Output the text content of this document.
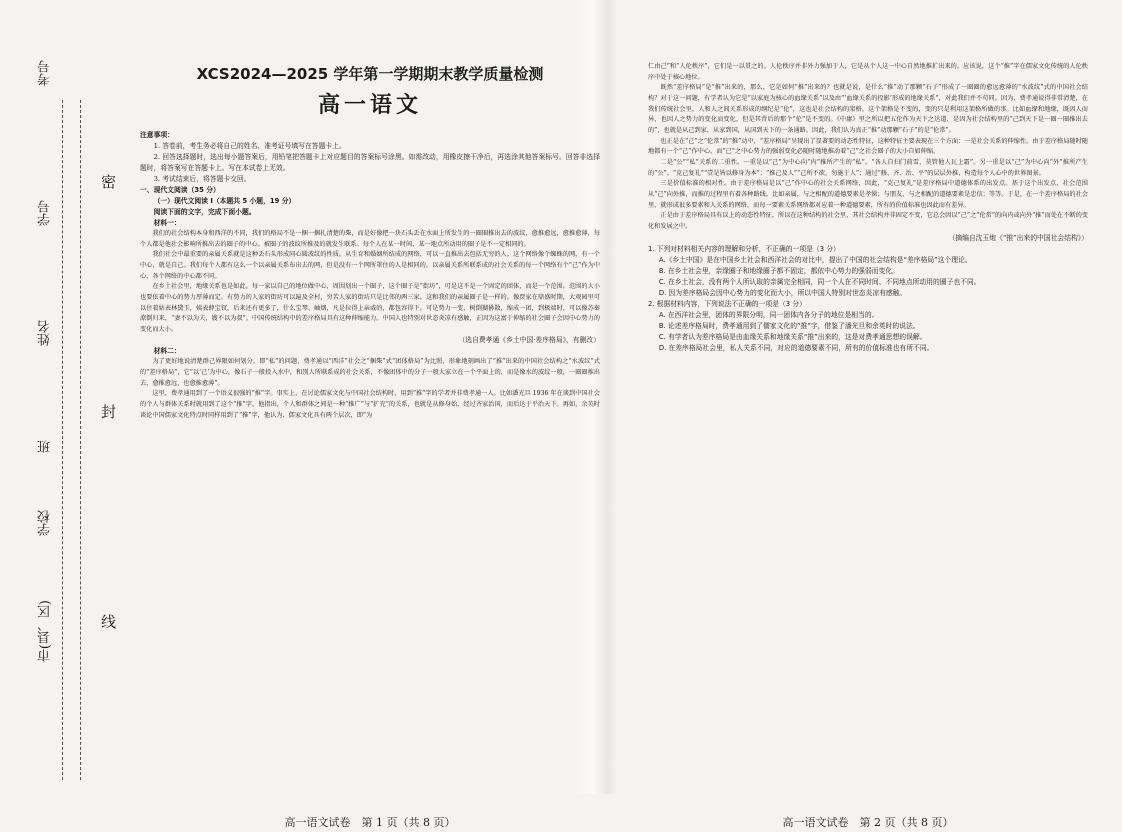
考号
学号
姓名
班
学校
市(县、区)
密
封
线
XCS2024—2025 学年第一学期期末教学质量检测
高一语文
注意事项：

1. 答卷前，考生务必将自己的姓名、准考证号填写在答题卡上。

2. 回答选择题时，选出每小题答案后，用铅笔把答题卡上对应题目的答案标号涂黑。如需改动，用橡皮擦干净后，再选涂其他答案标号。回答非选择题时，将答案写在答题卡上。写在本试卷上无效。

3. 考试结束后，将答题卡交回。

一、现代文阅读（35 分）
（一）现代文阅读 I（本题共 5 小题，19 分）
阅读下面的文字，完成下面小题。
材料一：

我们的社会结构本身和西洋的不同，我们的格局不是一捆一捆扎清楚的柴，而是好像把一块石头丢在水面上所发生的一圈圈推出去的波纹，愈推愈远，愈推愈薄，每个人都是他社会影响所推出去的圈子的中心。被圈子的波纹所推及的就发生联系。每个人在某一时间、某一地点所动用的圈子是不一定相同的。

我们社会中最重要的亲属关系就是这种丢石头形成同心圆波纹的性质。从生育和婚姻所结成的网络，可以一直推出去包括无穷的人。这个网络像个蜘蛛的网，有一个中心，就是自己。我们每个人都有这么一个以亲属关系布出去的网，但是没有一个网所罩住的人是相同的。以亲属关系所联系成的社会关系的每一个网络有个“己”作为中心，各个网络的中心都不同。

在乡土社会里，地缘关系也是如此。每一家以自己的地位做中心，周围划出一个圈子，这个圈子是“街坊”，可是这不是一个固定的团体，而是一个范围。范围的大小也要依着中心的势力厚薄而定。有势力的人家的街坊可以遍及全村，穷苦人家的街坊只是比邻的两三家。这和我们的亲属圈子是一样的。像贾家在鼎盛时期，大观园里可以住着姑表林黛玉，姨表薛宝钗，后来还有更多了，什么宝琴、岫烟，凡是拉得上亲戚的，都包容得下。可是势力一变，树倒猢狲散，缩成一团，到极端时，可以像苏秦潦倒归来，“妻不以为夫，嫂不以为叔”。中国传统结构中的差序格局具有这种伸缩能力。中国人也特别对世态炎凉有感触，正因为这富于伸缩的社会圈子会因中心势力的变化而大小。

（选自费孝通《乡土中国·差序格局》，有删改）

材料二：

为了更好地说清楚群己界限如何划分，即“私”的问题，费孝通以“西洋”社会之“捆柴”式“团体格局”为比照，形象地刻画出了“推”出来的中国社会结构之“水波纹”式的“差序格局”，它“以‘己’为中心，像石子一般投入水中，和别人所联系成的社会关系，不像团体中的分子一般大家立在一个平面上的，而是像水的波纹一般，一圈圈推出去，愈推愈远，也愈推愈薄”。

这里，费孝通用到了一个语义很强的“推”字。事实上，在讨论儒家文化与中国社会结构时，用到“推”字的学者并非费孝通一人。比如潘光旦 1936 年在谈到中国社会的个人与群体关系时就用到了这个“推”字，他指出，个人和群体之间是一种“推广”与“扩充”的关系，也就是从修身始，经过齐家治国，而后达于平治天下。再如，余英时谈论中国儒家文化特点时同样用到了“推”字，他认为，儒家文化具有两个层次，即“为

高一语文试卷　第 1 页（共 8 页）

仁由己”和“人伦秩序”，它们是一以贯之的。人伦秩序并非外力强加于人，它是从个人这一中心自然地推扩出来的。应该说，这个“推”字在儒家文化传统的人伦秩序中处于核心地位。

既然“差序格局”是“推”出来的，那么，它是如何“推”出来的？也就是说，是什么“推”动了那颗“石子”形成了一圈圈的愈远愈薄的“水波纹”式的中国社会结构？对于这一问题，有学者认为它是“以家庭为核心的血缘关系”以及由“‘血缘关系的投影’形成的地缘关系”，对此我们并不苟同。因为，费孝通说得非常清楚，在我们传统社会里，人和人之间关系形成的纲纪是“伦”，这也是社会结构的架格，这个架格是不变的，变的只是利用这架格所做的事。比如血缘和地缘，既因人而异，也因人之势力的变化而变化，但是其背后的那个“伦”是不变的。《中庸》里之所以把五伦作为天下之达道，是因为社会结构里的“己到天下是一圈一圈推出去的”，也就是从己到家，从家到国，从国到天下的一条通路。因此，我们认为真正“推”动那颗“石子”的是“伦常”。

也正是在“己”之“伦常”的“推”动中，“差序格局”呈现出了显著要的动态性特征，这种特征主要表现在三个方面：一是社会关系的伸缩性。由于差序格局随时随地都有一个“己”作中心，而“己”之中心势力的强弱变化必随时随地推动着“己”之社会圈子的大小自如伸缩。

二是“公”“私”关系的二重性。一重是以“己”为中心向“内”推所产生的“私”。“各人自扫门前雪，莫管他人瓦上霜”。另一重是以“己”为中心向“外”推所产生的“公”。“克己复礼”“壹是皆以修身为本”；“推己及人”“己所不欲，勿施于人”；通过“修、齐、治、平”的层层外推，构造每个人心中的世界图景。

三是价值标准的相对性。由于差序格局是以“己”作中心的社会关系网络，因此，“克己复礼”是差序格局中道德体系的出发点。基于这个出发点，社会范围从“己”向外推，而推的过程里有着各种路线。比如亲属，与之相配的道德要素是孝悌；与朋友，与之相配的道德要素是忠信；等等。于是，在一个差序格局的社会里，就形成很多要素和人关系的网络，而每一要素关系网络都对应着一种道德要素，所有的价值标准也因此而有差异。

正是由于差序格局具有以上的动态性特征，所以在这种结构的社会里，其社会结构并非固定不变，它总会因以“己”之“伦常”的向内或向外“推”而处在不断的变化和发展之中。

（摘编自沈玉炮《“推”出来的中国社会结构》）

1. 下列对材料相关内容的理解和分析，不正确的一项是（3 分）
A.《乡土中国》是在中国乡土社会和西洋社会的对比中，提出了中国的社会结构是“差序格局”这个理论。
B. 在乡土社会里，亲缘圈子和地缘圈子都不固定，都依中心势力的强弱而变化。
C. 在乡土社会，没有两个人所认取的亲属完全相同，同一个人在不同时间、不同地点所动用的圈子也不同。
D. 因为差序格局会因中心势力的变化而大小，所以中国人特别对世态炎凉有感触。
2. 根据材料内容，下列说法不正确的一项是（3 分）
A. 在西洋社会里，团体的界限分明，同一团体内各分子的地位是相当的。
B. 论述差序格局时，费孝通用到了儒家文化的“推”字，借鉴了潘光旦和余英时的说法。
C. 有学者认为差序格局是由血缘关系和地缘关系“推”出来的，这是对费孝通思想的误解。
D. 在差序格局社会里，私人关系不同，对应的道德要素不同，所有的价值标准也有所不同。
高一语文试卷　第 2 页（共 8 页）
